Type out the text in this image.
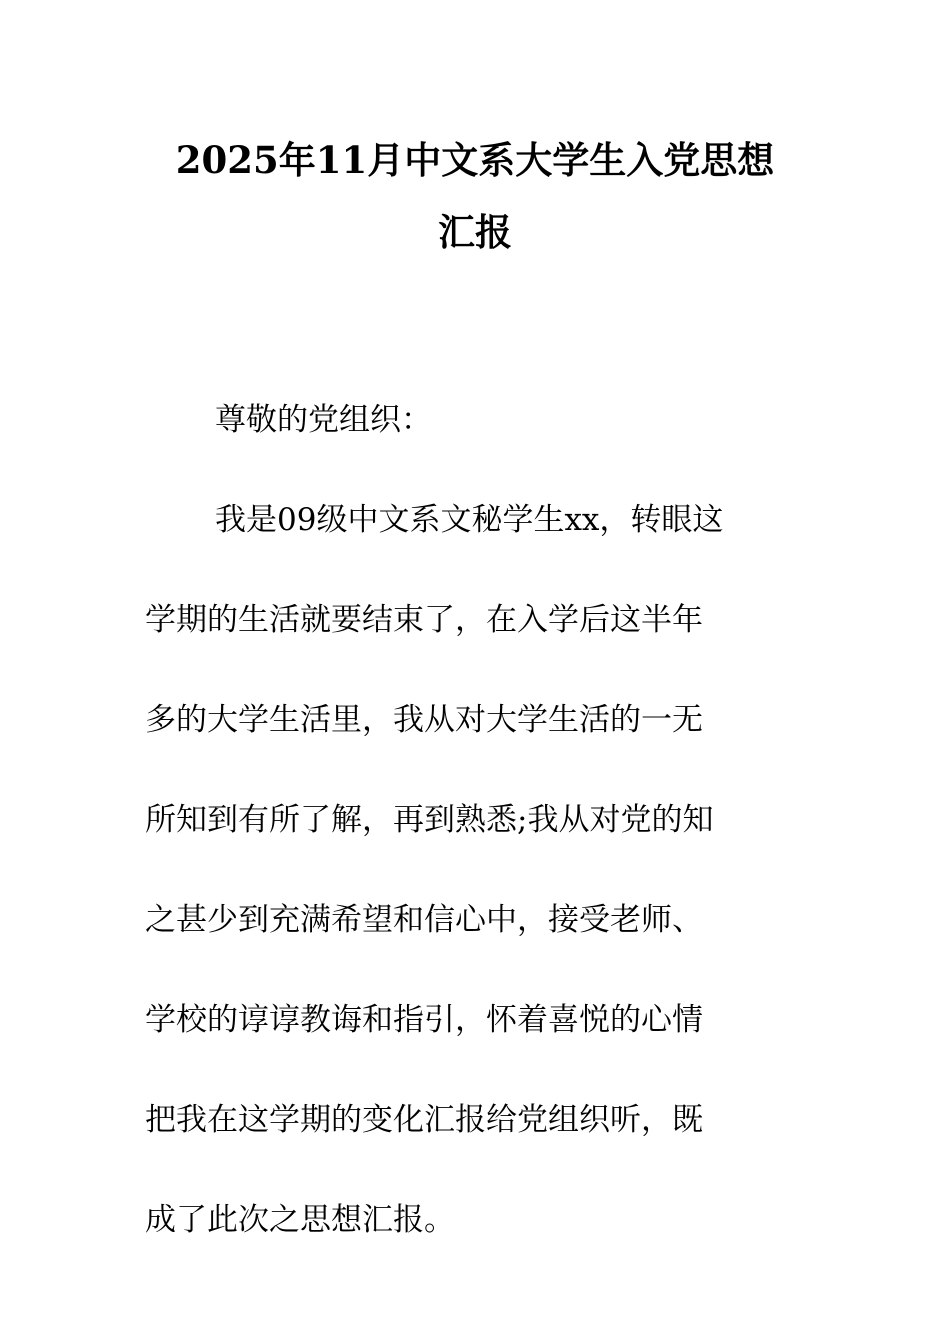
2025年11月中文系大学生入党思想
汇报
尊敬的党组织：
我是09级中文系文秘学生xx，转眼这
学期的生活就要结束了，在入学后这半年
多的大学生活里，我从对大学生活的一无
所知到有所了解，再到熟悉;我从对党的知
之甚少到充满希望和信心中，接受老师、
学校的谆谆教诲和指引，怀着喜悦的心情
把我在这学期的变化汇报给党组织听，既
成了此次之思想汇报。
